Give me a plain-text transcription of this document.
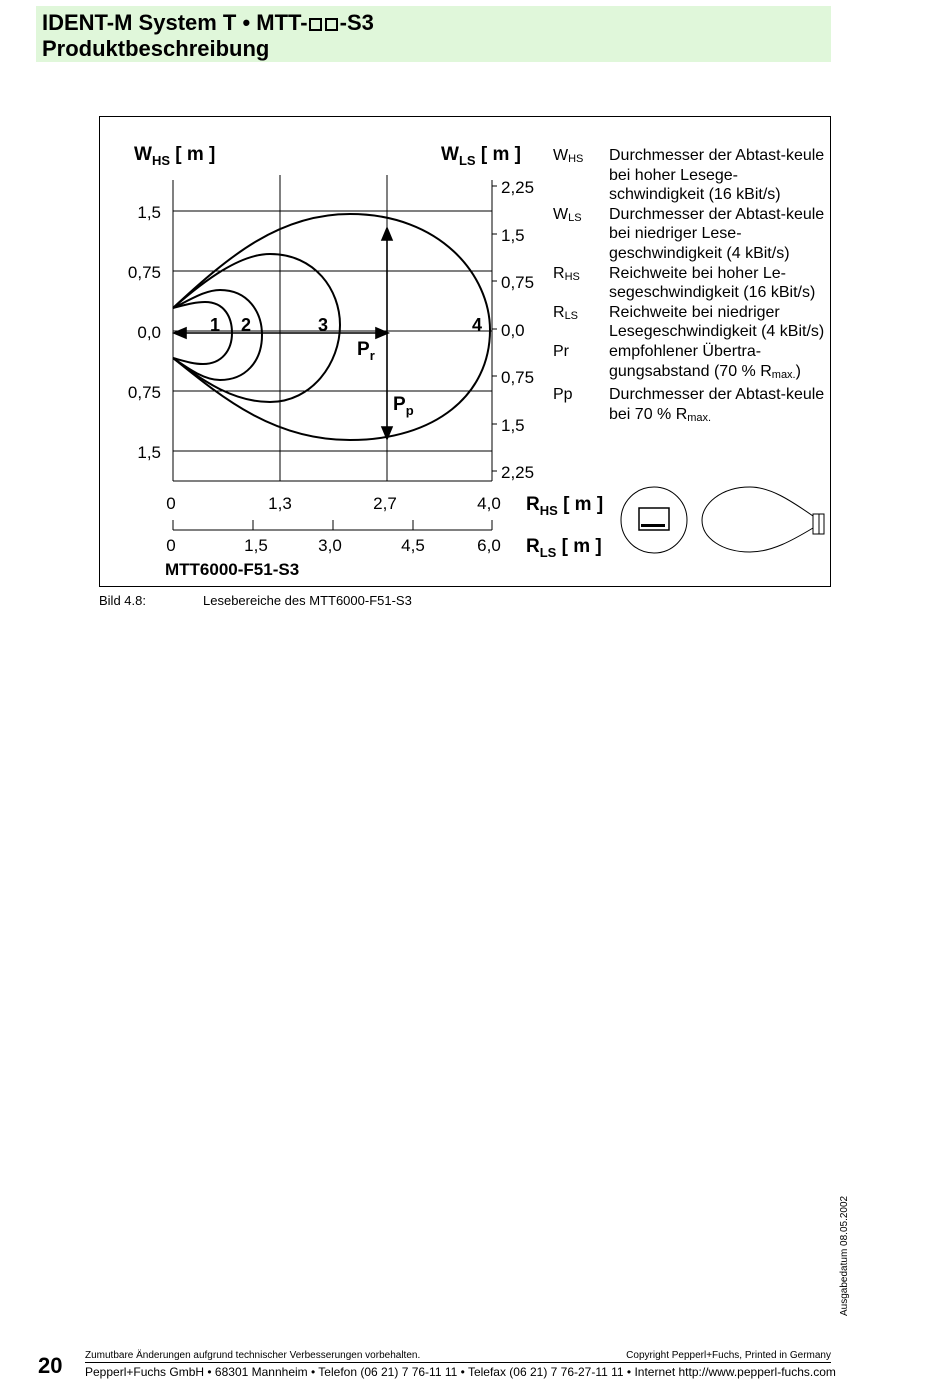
IDENT-M System T • MTT- -S3
Produktbeschreibung
$W_{HS}$ [ m ]	$W_{LS}$ [ m ]
1,5
0,75
0,0
0,75
1,5
2,25
1,5
0,75
0,0
0,75
1,5
2,25
0	1,3	2,7	4,0
0	1,5	3,0	4,5	6,0
$R_{HS}$ [ m ]
$R_{LS}$ [ m ]
1 2	3	4
$P_r$
$P_p$
MTT6000-F51-S3
$W_{HS}$	Durchmesser der Abtast-keule bei hoher Lesege-schwindigkeit (16 kBit/s)
$W_{LS}$	Durchmesser der Abtast-keule bei niedriger Lese-geschwindigkeit (4 kBit/s)
$R_{HS}$	Reichweite bei hoher Le-segeschwindigkeit (16 kBit/s)
$R_{LS}$	Reichweite bei niedriger Lesegeschwindigkeit (4 kBit/s)
Pr	empfohlener Übertra-gungsabstand (70 % $R_{max.}$)
Pp	Durchmesser der Abtast-keule bei 70 % $R_{max.}$
Bild 4.8:	Lesebereiche des MTT6000-F51-S3
Ausgabedatum 08.05.2002
20 Zumutbare Änderungen aufgrund technischer Verbesserungen vorbehalten.	Copyright Pepperl+Fuchs, Printed in Germany
Pepperl+Fuchs GmbH • 68301 Mannheim • Telefon (06 21) 7 76-11 11 • Telefax (06 21) 7 76-27-11 11 • Internet http://www.pepperl-fuchs.com
